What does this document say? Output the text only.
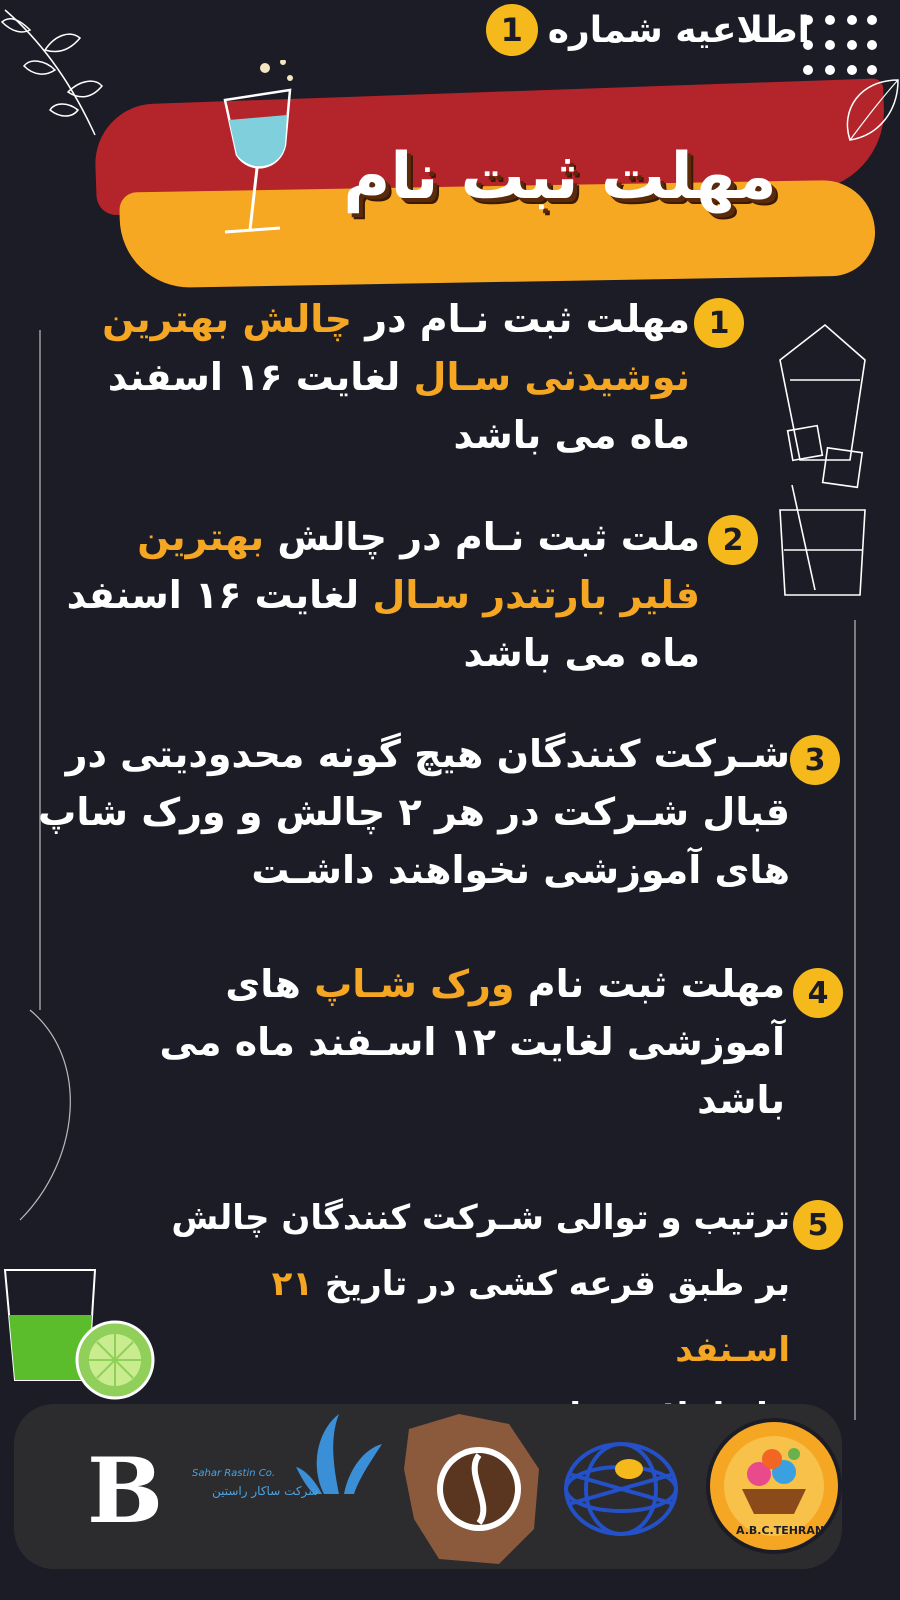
اطلاعیه شماره
1
مهلت ثبت نام
مهلت ثبت نـام در چالش بهترین
نوشیدنی سـال لغایت ۱۶ اسفند
ماه می باشد
1
ملت ثبت نـام در چالش بهترین
فلیر بارتندر سـال لغایت ۱۶ اسنفد
ماه می باشد
2
شـرکت کنندگان هیچ گونه محدودیتی در
قبال شـرکت در هر ۲ چالش و ورک شاپ
های آموزشی نخواهند داشـت
3
مهلت ثبت نام ورک شـاپ های
آموزشی لغایت ۱۲ اسـفند ماه می
باشد
4
ترتیب و توالی شـرکت کنندگان چالش
بر طبق قرعه کشی در تاریخ ۲۱ اسـنفد
5
B	Sahar Rastin Co.
شرکت ساکار راستین
A.B.C.TEHRAN
